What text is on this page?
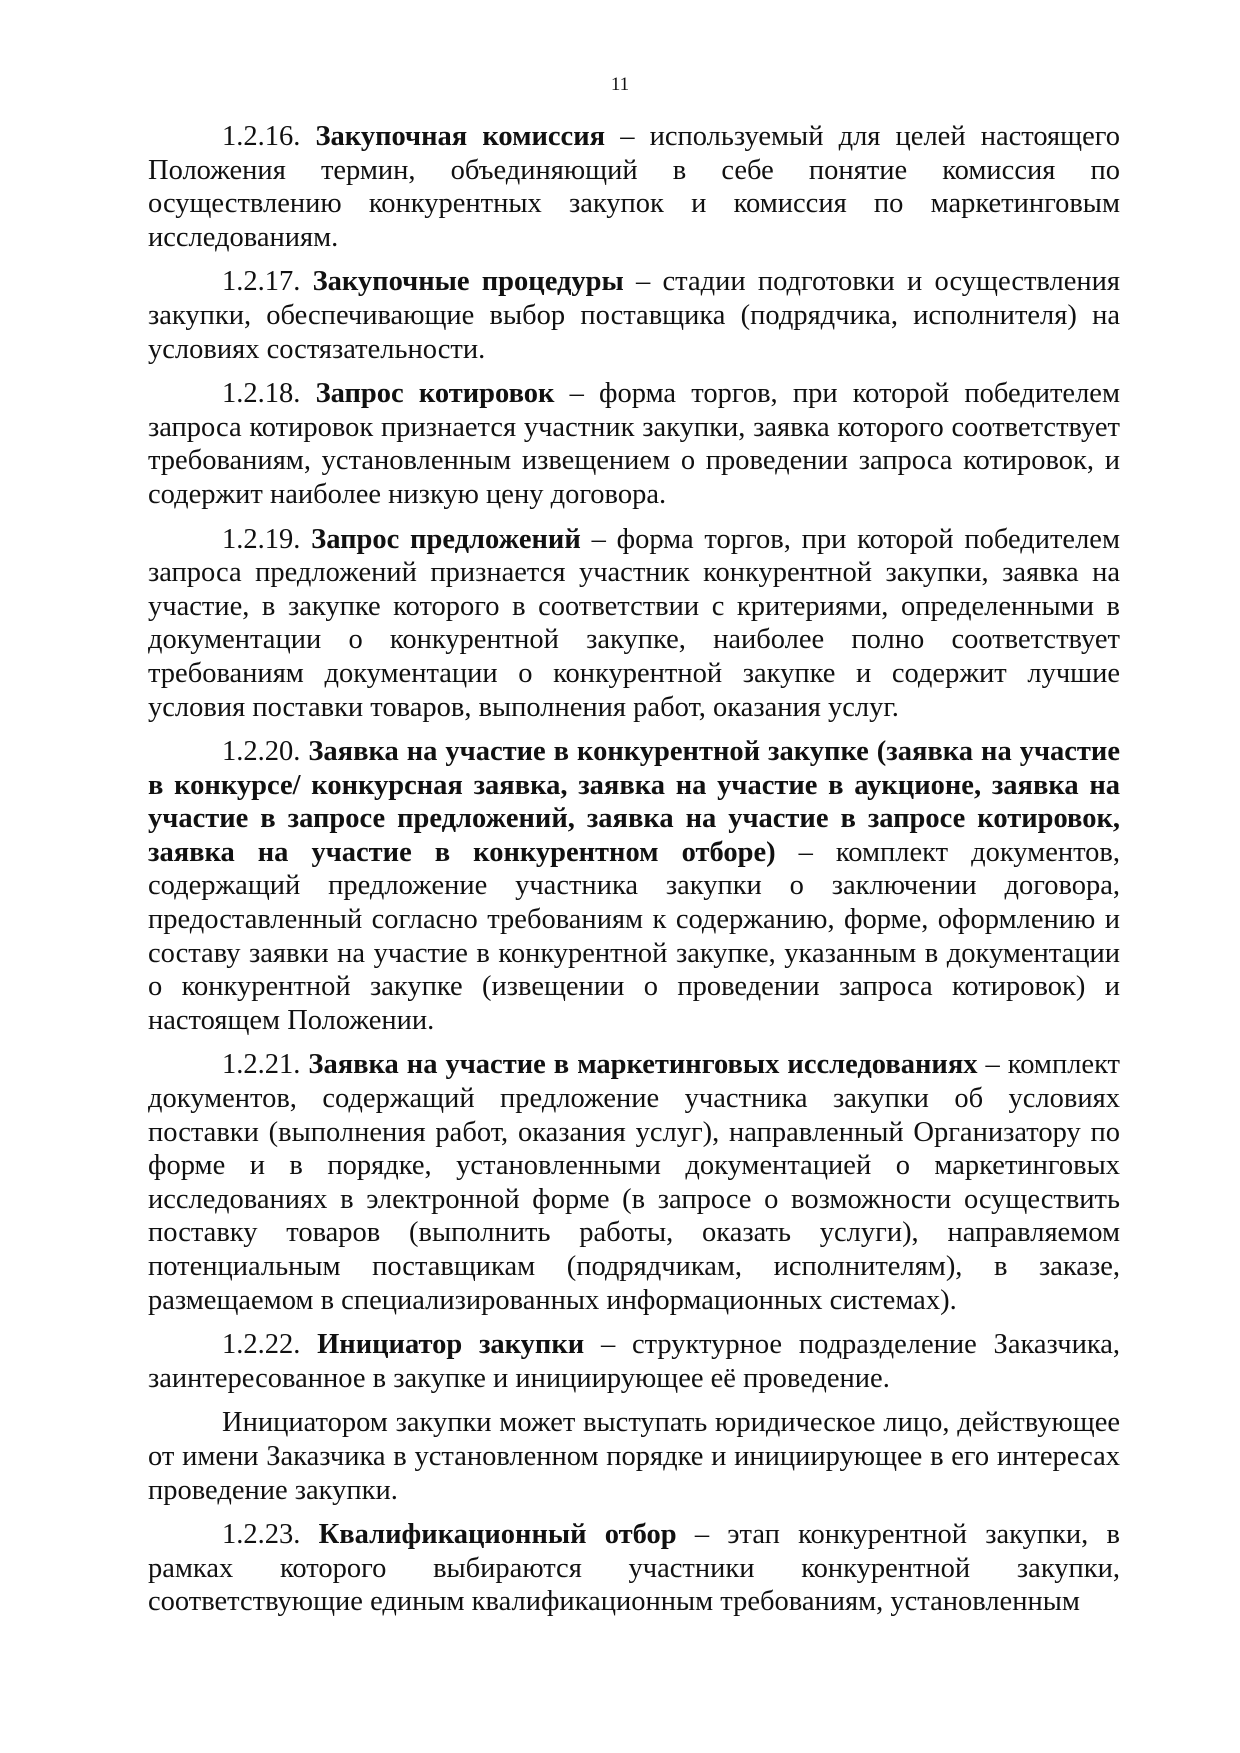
11

1.2.16. Закупочная комиссия – используемый для целей настоящего Положения термин, объединяющий в себе понятие комиссия по осуществлению конкурентных закупок и комиссия по маркетинговым исследованиям.

1.2.17. Закупочные процедуры – стадии подготовки и осуществления закупки, обеспечивающие выбор поставщика (подрядчика, исполнителя) на условиях состязательности.

1.2.18. Запрос котировок – форма торгов, при которой победителем запроса котировок признается участник закупки, заявка которого соответствует требованиям, установленным извещением о проведении запроса котировок, и содержит наиболее низкую цену договора.

1.2.19. Запрос предложений – форма торгов, при которой победителем запроса предложений признается участник конкурентной закупки, заявка на участие, в закупке которого в соответствии с критериями, определенными в документации о конкурентной закупке, наиболее полно соответствует требованиям документации о конкурентной закупке и содержит лучшие условия поставки товаров, выполнения работ, оказания услуг.

1.2.20. Заявка на участие в конкурентной закупке (заявка на участие в конкурсе/ конкурсная заявка, заявка на участие в аукционе, заявка на участие в запросе предложений, заявка на участие в запросе котировок, заявка на участие в конкурентном отборе) – комплект документов, содержащий предложение участника закупки о заключении договора, предоставленный согласно требованиям к содержанию, форме, оформлению и составу заявки на участие в конкурентной закупке, указанным в документации о конкурентной закупке (извещении о проведении запроса котировок) и настоящем Положении.

1.2.21. Заявка на участие в маркетинговых исследованиях – комплект документов, содержащий предложение участника закупки об условиях поставки (выполнения работ, оказания услуг), направленный Организатору по форме и в порядке, установленными документацией о маркетинговых исследованиях в электронной форме (в запросе о возможности осуществить поставку товаров (выполнить работы, оказать услуги), направляемом потенциальным поставщикам (подрядчикам, исполнителям), в заказе, размещаемом в специализированных информационных системах).

1.2.22. Инициатор закупки – структурное подразделение Заказчика, заинтересованное в закупке и инициирующее её проведение.

Инициатором закупки может выступать юридическое лицо, действующее от имени Заказчика в установленном порядке и инициирующее в его интересах проведение закупки.

1.2.23. Квалификационный отбор – этап конкурентной закупки, в рамках которого выбираются участники конкурентной закупки, соответствующие единым квалификационным требованиям, установленным
